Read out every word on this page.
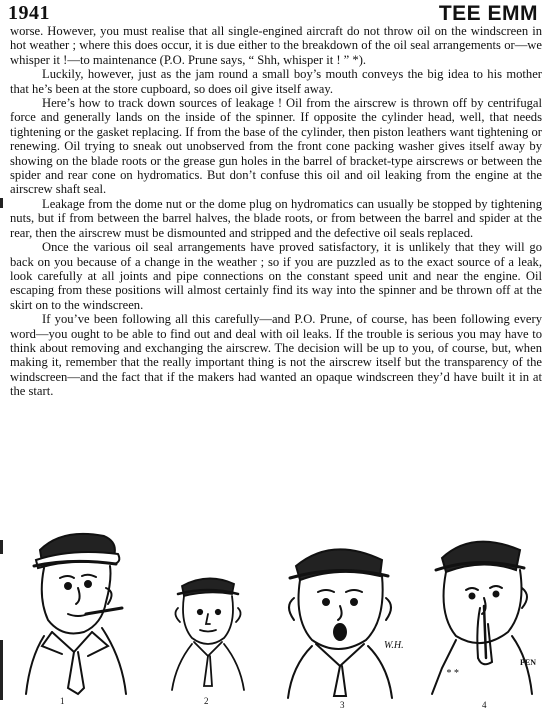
1941	TEE EMM

worse. However, you must realise that all single-engined aircraft do not throw oil on the windscreen in hot weather ; where this does occur, it is due either to the breakdown of the oil seal arrangements or—we whisper it !—to maintenance (P.O. Prune says, “ Shh, whisper it ! ” *).

Luckily, however, just as the jam round a small boy’s mouth conveys the big idea to his mother that he’s been at the store cupboard, so does oil give itself away.

Here’s how to track down sources of leakage ! Oil from the airscrew is thrown off by centrifugal force and generally lands on the inside of the spinner. If opposite the cylinder head, well, that needs tightening or the gasket replacing. If from the base of the cylinder, then piston leathers want tightening or renewing. Oil trying to sneak out unobserved from the front cone packing washer gives itself away by showing on the blade roots or the grease gun holes in the barrel of bracket-type airscrews or between the spider and rear cone on hydromatics. But don’t confuse this oil and oil leaking from the engine at the airscrew shaft seal.

Leakage from the dome nut or the dome plug on hydromatics can usually be stopped by tightening nuts, but if from between the barrel halves, the blade roots, or from between the barrel and spider at the rear, then the airscrew must be dismounted and stripped and the defective oil seals replaced.

Once the various oil seal arrangements have proved satisfactory, it is unlikely that they will go back on you because of a change in the weather ; so if you are puzzled as to the exact source of a leak, look carefully at all joints and pipe connections on the constant speed unit and near the engine. Oil escaping from these positions will almost certainly find its way into the spinner and be thrown off at the skirt on to the windscreen.

If you’ve been following all this carefully—and P.O. Prune, of course, has been following every word—you ought to be able to find out and deal with oil leaks. If the trouble is serious you may have to think about removing and exchanging the airscrew. The decision will be up to you, of course, but, when making it, remember that the really important thing is not the airscrew itself but the transparency of the windscreen—and the fact that if the makers had wanted an opaque windscreen they’d have built it in at the start.

1	2
W.H.
3
* *
PEN
4
